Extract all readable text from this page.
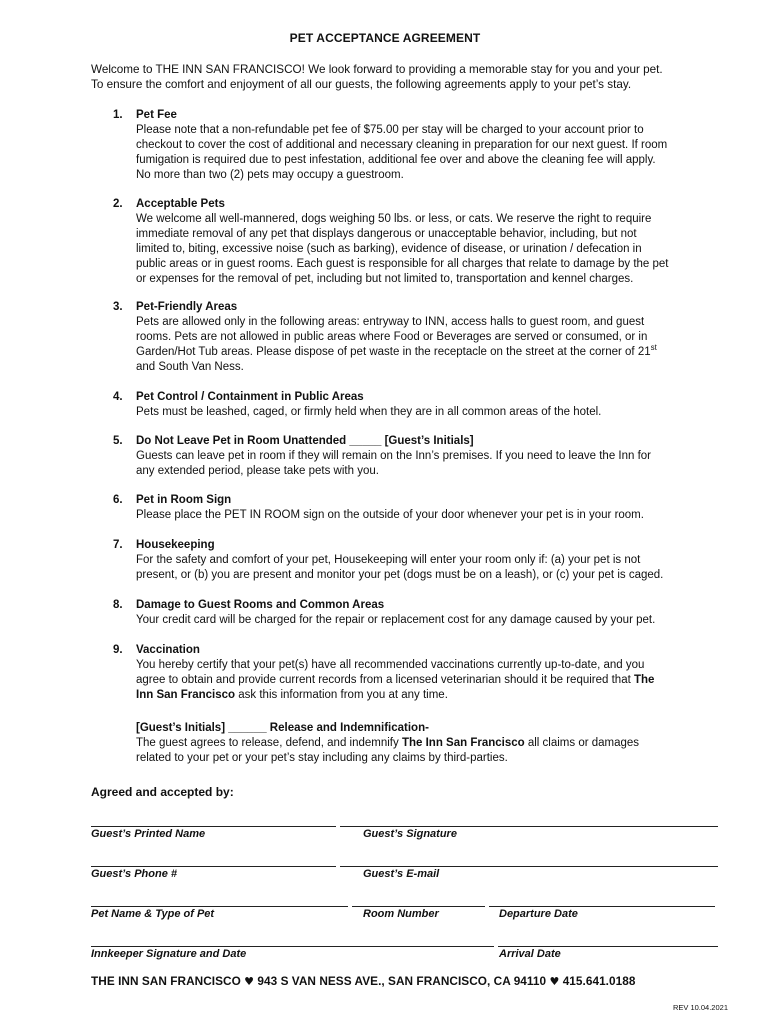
PET ACCEPTANCE AGREEMENT

Welcome to THE INN SAN FRANCISCO! We look forward to providing a memorable stay for you and your pet.

To ensure the comfort and enjoyment of all our guests, the following agreements apply to your pet’s stay.

1. Pet Fee

Please note that a non-refundable pet fee of $75.00 per stay will be charged to your account prior to

checkout to cover the cost of additional and necessary cleaning in preparation for our next guest. If room

fumigation is required due to pest infestation, additional fee over and above the cleaning fee will apply.

No more than two (2) pets may occupy a guestroom.

2. Acceptable Pets

We welcome all well-mannered, dogs weighing 50 lbs. or less, or cats. We reserve the right to require

immediate removal of any pet that displays dangerous or unacceptable behavior, including, but not

limited to, biting, excessive noise (such as barking), evidence of disease, or urination / defecation in

public areas or in guest rooms. Each guest is responsible for all charges that relate to damage by the pet

or expenses for the removal of pet, including but not limited to, transportation and kennel charges.

3. Pet-Friendly Areas

Pets are allowed only in the following areas: entryway to INN, access halls to guest room, and guest

rooms. Pets are not allowed in public areas where Food or Beverages are served or consumed, or in

Garden/Hot Tub areas. Please dispose of pet waste in the receptacle on the street at the corner of 21st

and South Van Ness.

4. Pet Control / Containment in Public Areas

Pets must be leashed, caged, or firmly held when they are in all common areas of the hotel.

5. Do Not Leave Pet in Room Unattended _____ [Guest’s Initials]

Guests can leave pet in room if they will remain on the Inn’s premises. If you need to leave the Inn for

any extended period, please take pets with you.

6. Pet in Room Sign

Please place the PET IN ROOM sign on the outside of your door whenever your pet is in your room.

7. Housekeeping

For the safety and comfort of your pet, Housekeeping will enter your room only if: (a) your pet is not

present, or (b) you are present and monitor your pet (dogs must be on a leash), or (c) your pet is caged.

8. Damage to Guest Rooms and Common Areas

Your credit card will be charged for the repair or replacement cost for any damage caused by your pet.

9. Vaccination

You hereby certify that your pet(s) have all recommended vaccinations currently up-to-date, and you

agree to obtain and provide current records from a licensed veterinarian should it be required that The

Inn San Francisco ask this information from you at any time.

[Guest’s Initials] ______ Release and Indemnification-

The guest agrees to release, defend, and indemnify The Inn San Francisco all claims or damages

related to your pet or your pet’s stay including any claims by third-parties.

Agreed and accepted by:
Guest’s Printed Name	Guest’s Signature
Guest’s Phone #	Guest’s E-mail
Pet Name & Type of Pet	Room Number	Departure Date
Innkeeper Signature and Date	Arrival Date
THE INN SAN FRANCISCO ♥ 943 S VAN NESS AVE., SAN FRANCISCO, CA 94110 ♥ 415.641.0188
REV 10.04.2021
